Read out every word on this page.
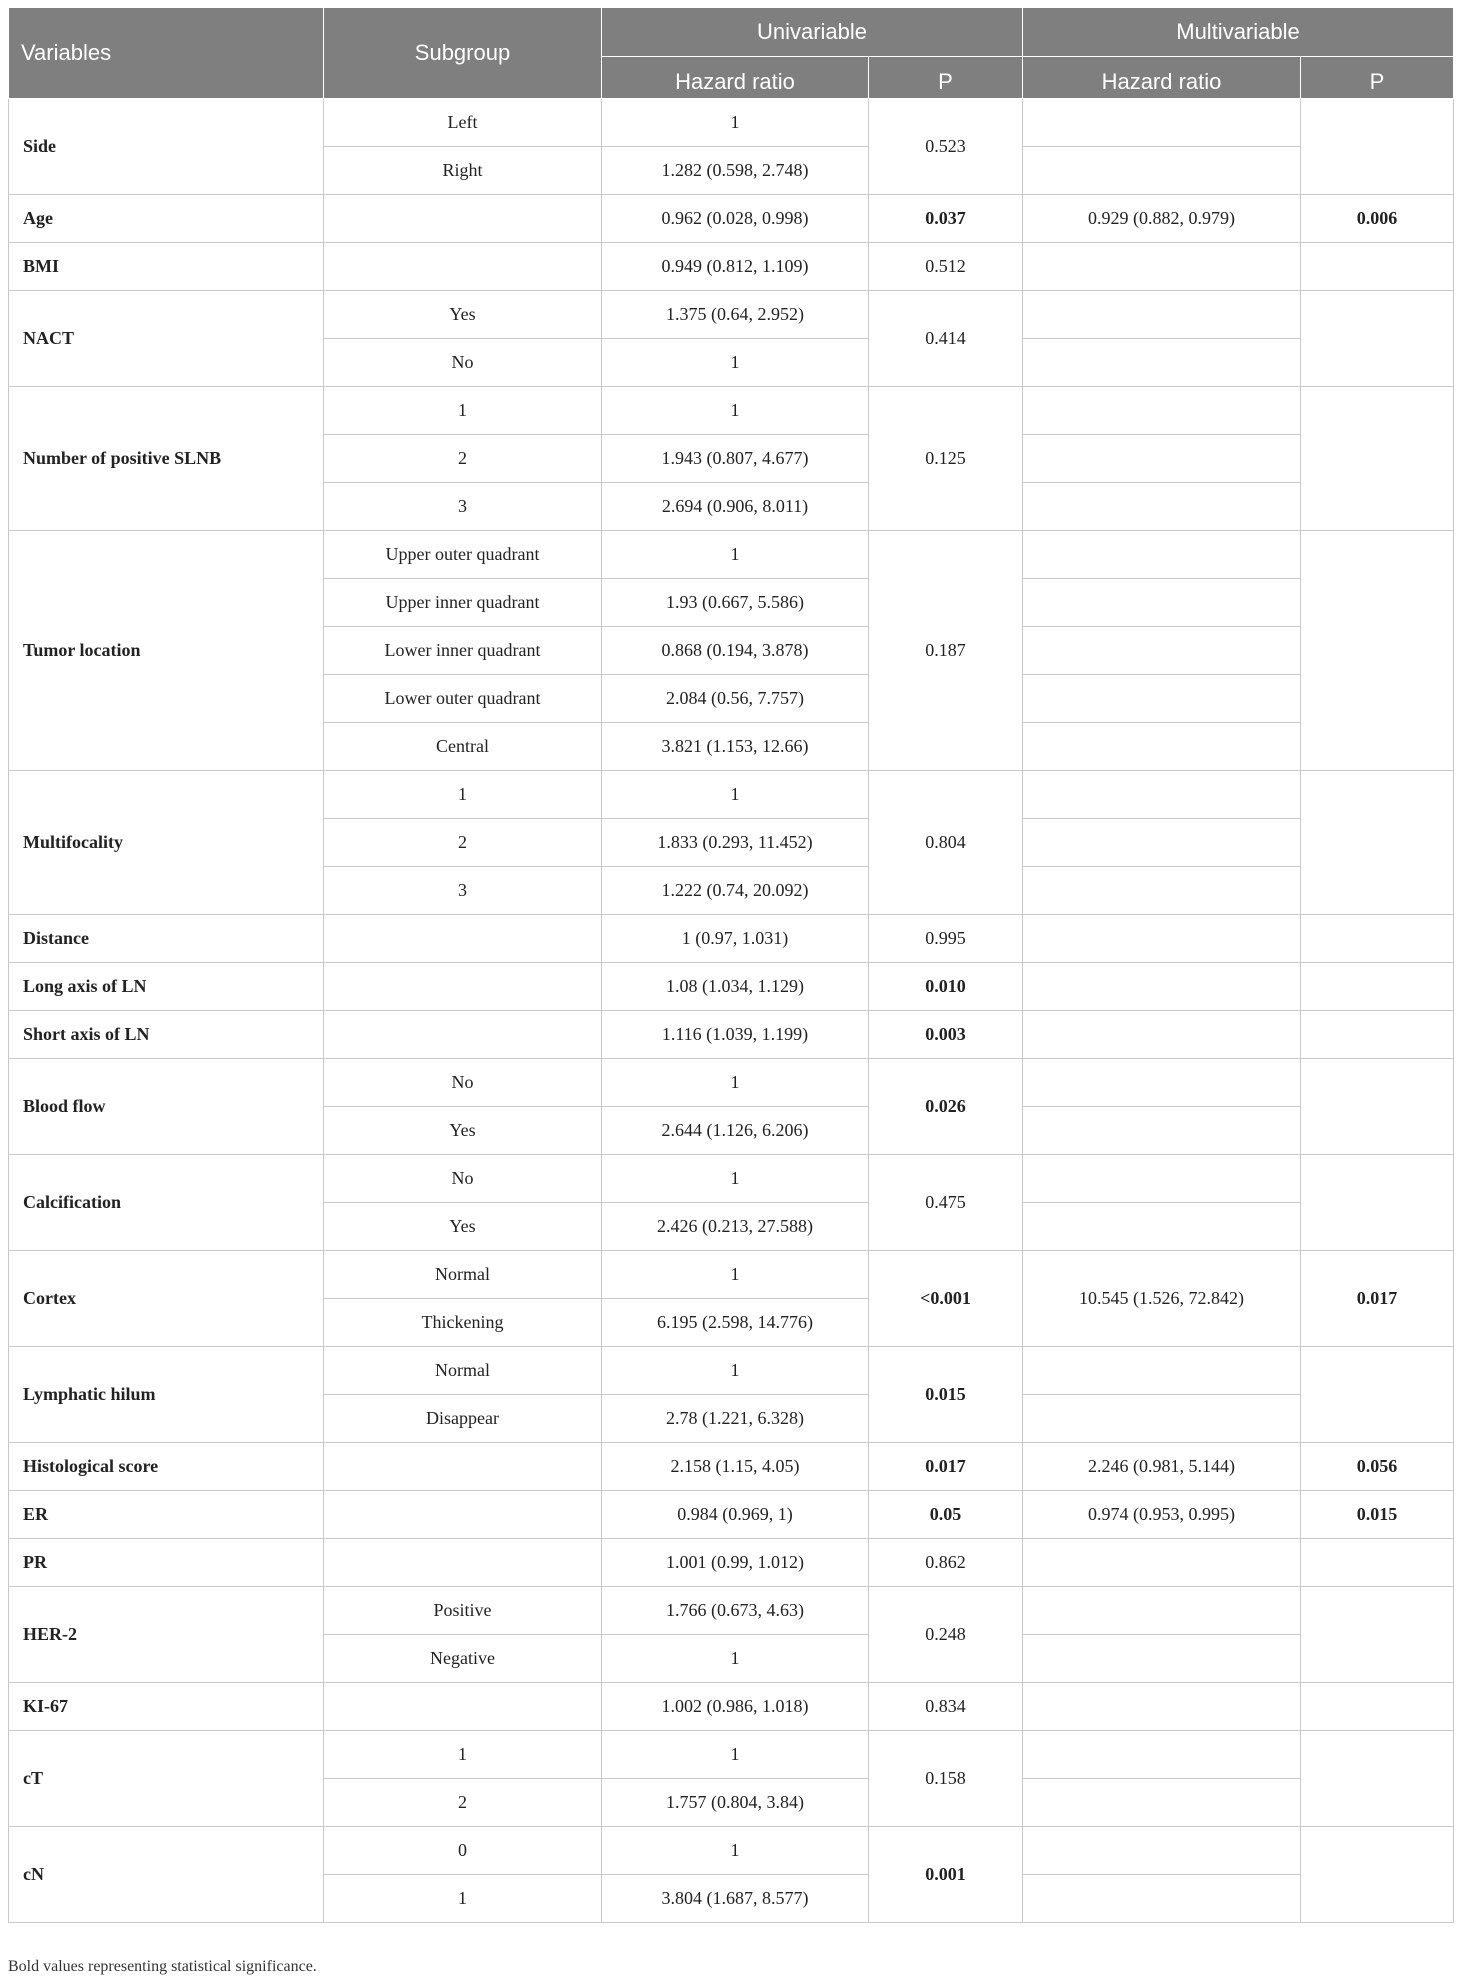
Variables	Subgroup	Univariable		Multivariable	
		Hazard ratio	P	Hazard ratio	P
Side	Left	1	0.523		
	Right	1.282 (0.598, 2.748)			
Age		0.962 (0.028, 0.998)	0.037	0.929 (0.882, 0.979)	0.006
BMI		0.949 (0.812, 1.109)	0.512		
NACT	Yes	1.375 (0.64, 2.952)	0.414		
	No	1			
Number of positive SLNB	1	1	0.125		
	2	1.943 (0.807, 4.677)			
	3	2.694 (0.906, 8.011)			
Tumor location	Upper outer quadrant	1	0.187		
	Upper inner quadrant	1.93 (0.667, 5.586)			
	Lower inner quadrant	0.868 (0.194, 3.878)			
	Lower outer quadrant	2.084 (0.56, 7.757)			
	Central	3.821 (1.153, 12.66)			
Multifocality	1	1	0.804		
	2	1.833 (0.293, 11.452)			
	3	1.222 (0.74, 20.092)			
Distance		1 (0.97, 1.031)	0.995		
Long axis of LN		1.08 (1.034, 1.129)	0.010		
Short axis of LN		1.116 (1.039, 1.199)	0.003		
Blood flow	No	1	0.026		
	Yes	2.644 (1.126, 6.206)			
Calcification	No	1	0.475		
	Yes	2.426 (0.213, 27.588)			
Cortex	Normal	1	<0.001	10.545 (1.526, 72.842)	0.017
	Thickening	6.195 (2.598, 14.776)			
Lymphatic hilum	Normal	1	0.015		
	Disappear	2.78 (1.221, 6.328)			
Histological score		2.158 (1.15, 4.05)	0.017	2.246 (0.981, 5.144)	0.056
ER		0.984 (0.969, 1)	0.05	0.974 (0.953, 0.995)	0.015
PR		1.001 (0.99, 1.012)	0.862		
HER-2	Positive	1.766 (0.673, 4.63)	0.248		
	Negative	1			
KI-67		1.002 (0.986, 1.018)	0.834		
cT	1	1	0.158		
	2	1.757 (0.804, 3.84)			
cN	0	1	0.001		
	1	3.804 (1.687, 8.577)			
Bold values representing statistical significance.
